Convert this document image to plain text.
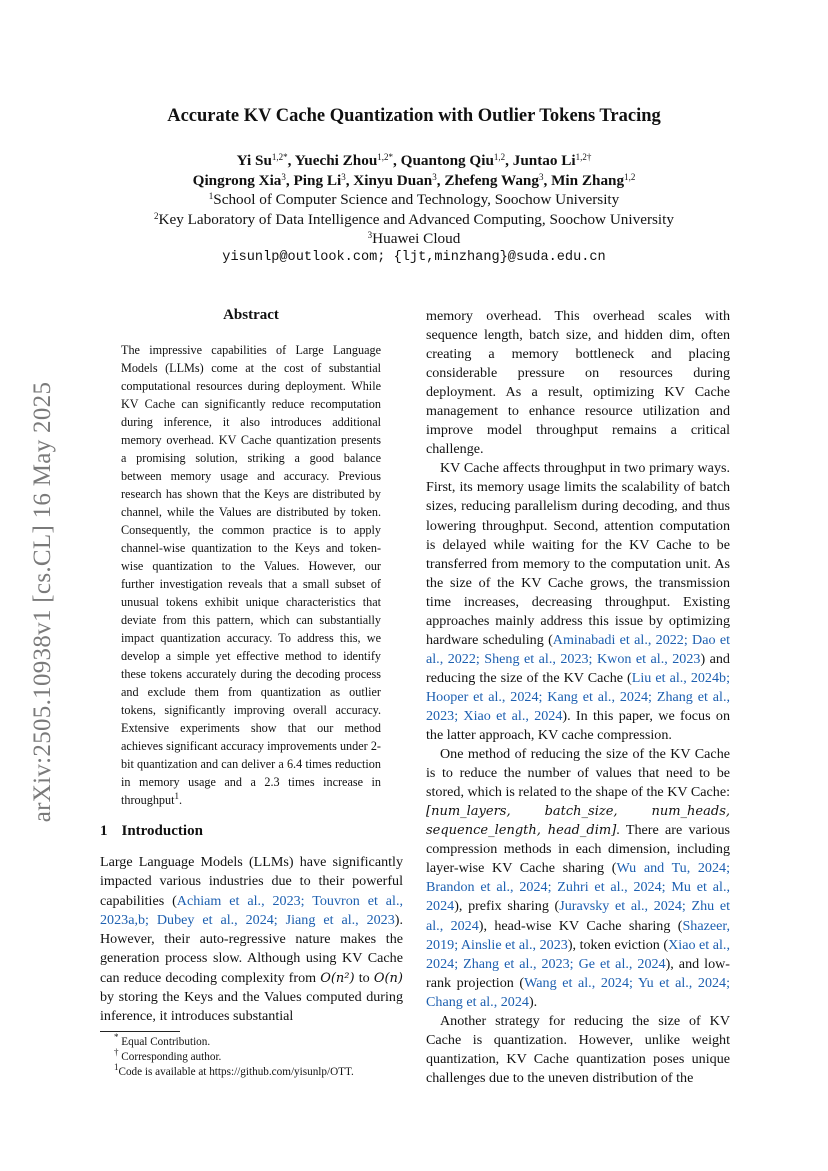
arXiv:2505.10938v1 [cs.CL] 16 May 2025
Accurate KV Cache Quantization with Outlier Tokens Tracing
Yi $Su^{1,2*}$, Yuechi Zhou$^{1,2*}$, Quantong Qiu$^{1,2}$, Juntao $Li^{1,2\dagger}$
Qingrong Xia$^3$, Ping Li$^3$, Xinyu Duan$^3$, Zhefeng Wang$^3$, Min Zhang$^{1,2}$
$^1$School of Computer Science and Technology, Soochow University
$^2$Key Laboratory of Data Intelligence and Advanced Computing, Soochow University
$^3$Huawei Cloud
yisunlp@outlook.com; {ljt,minzhang}@suda.edu.cn
Abstract
The impressive capabilities of Large Language Models (LLMs) come at the cost of substantial computational resources during deployment. While KV Cache can significantly reduce recomputation during inference, it also introduces additional memory overhead. KV Cache quantization presents a promising solution, striking a good balance between memory usage and accuracy. Previous research has shown that the Keys are distributed by channel, while the Values are distributed by token. Consequently, the common practice is to apply channel-wise quantization to the Keys and token-wise quantization to the Values. However, our further investigation reveals that a small subset of unusual tokens exhibit unique characteristics that deviate from this pattern, which can substantially impact quantization accuracy. To address this, we develop a simple yet effective method to identify these tokens accurately during the decoding process and exclude them from quantization as outlier tokens, significantly improving overall accuracy. Extensive experiments show that our method achieves significant accuracy improvements under 2-bit quantization and can deliver a 6.4 times reduction in memory usage and a 2.3 times increase in throughput$^1$.
1 Introduction
Large Language Models (LLMs) have significantly impacted various industries due to their powerful capabilities (Achiam et al., 2023; Touvron et al., 2023a,b; Dubey et al., 2024; Jiang et al., 2023). However, their auto-regressive nature makes the generation process slow. Although using KV Cache can reduce decoding complexity from O(n²) to O(n) by storing the Keys and the Values computed during inference, it introduces substantial

* Equal Contribution.

† Corresponding author.

$^1$Code is available at https://github.com/yisunlp/OTT.

memory overhead. This overhead scales with sequence length, batch size, and hidden dim, often creating a memory bottleneck and placing considerable pressure on resources during deployment. As a result, optimizing KV Cache management to enhance resource utilization and improve model throughput remains a critical challenge.

KV Cache affects throughput in two primary ways. First, its memory usage limits the scalability of batch sizes, reducing parallelism during decoding, and thus lowering throughput. Second, attention computation is delayed while waiting for the KV Cache to be transferred from memory to the computation unit. As the size of the KV Cache grows, the transmission time increases, decreasing throughput. Existing approaches mainly address this issue by optimizing hardware scheduling (Aminabadi et al., 2022; Dao et al., 2022; Sheng et al., 2023; Kwon et al., 2023) and reducing the size of the KV Cache (Liu et al., 2024b; Hooper et al., 2024; Kang et al., 2024; Zhang et al., 2023; Xiao et al., 2024). In this paper, we focus on the latter approach, KV cache compression.

One method of reducing the size of the KV Cache is to reduce the number of values that need to be stored, which is related to the shape of the KV Cache: [num_layers, batch_size, num_heads, sequence_length, head_dim]. There are various compression methods in each dimension, including layer-wise KV Cache sharing (Wu and Tu, 2024; Brandon et al., 2024; Zuhri et al., 2024; Mu et al., 2024), prefix sharing (Juravsky et al., 2024; Zhu et al., 2024), head-wise KV Cache sharing (Shazeer, 2019; Ainslie et al., 2023), token eviction (Xiao et al., 2024; Zhang et al., 2023; Ge et al., 2024), and low-rank projection (Wang et al., 2024; Yu et al., 2024; Chang et al., 2024).

Another strategy for reducing the size of KV Cache is quantization. However, unlike weight quantization, KV Cache quantization poses unique challenges due to the uneven distribution of the
